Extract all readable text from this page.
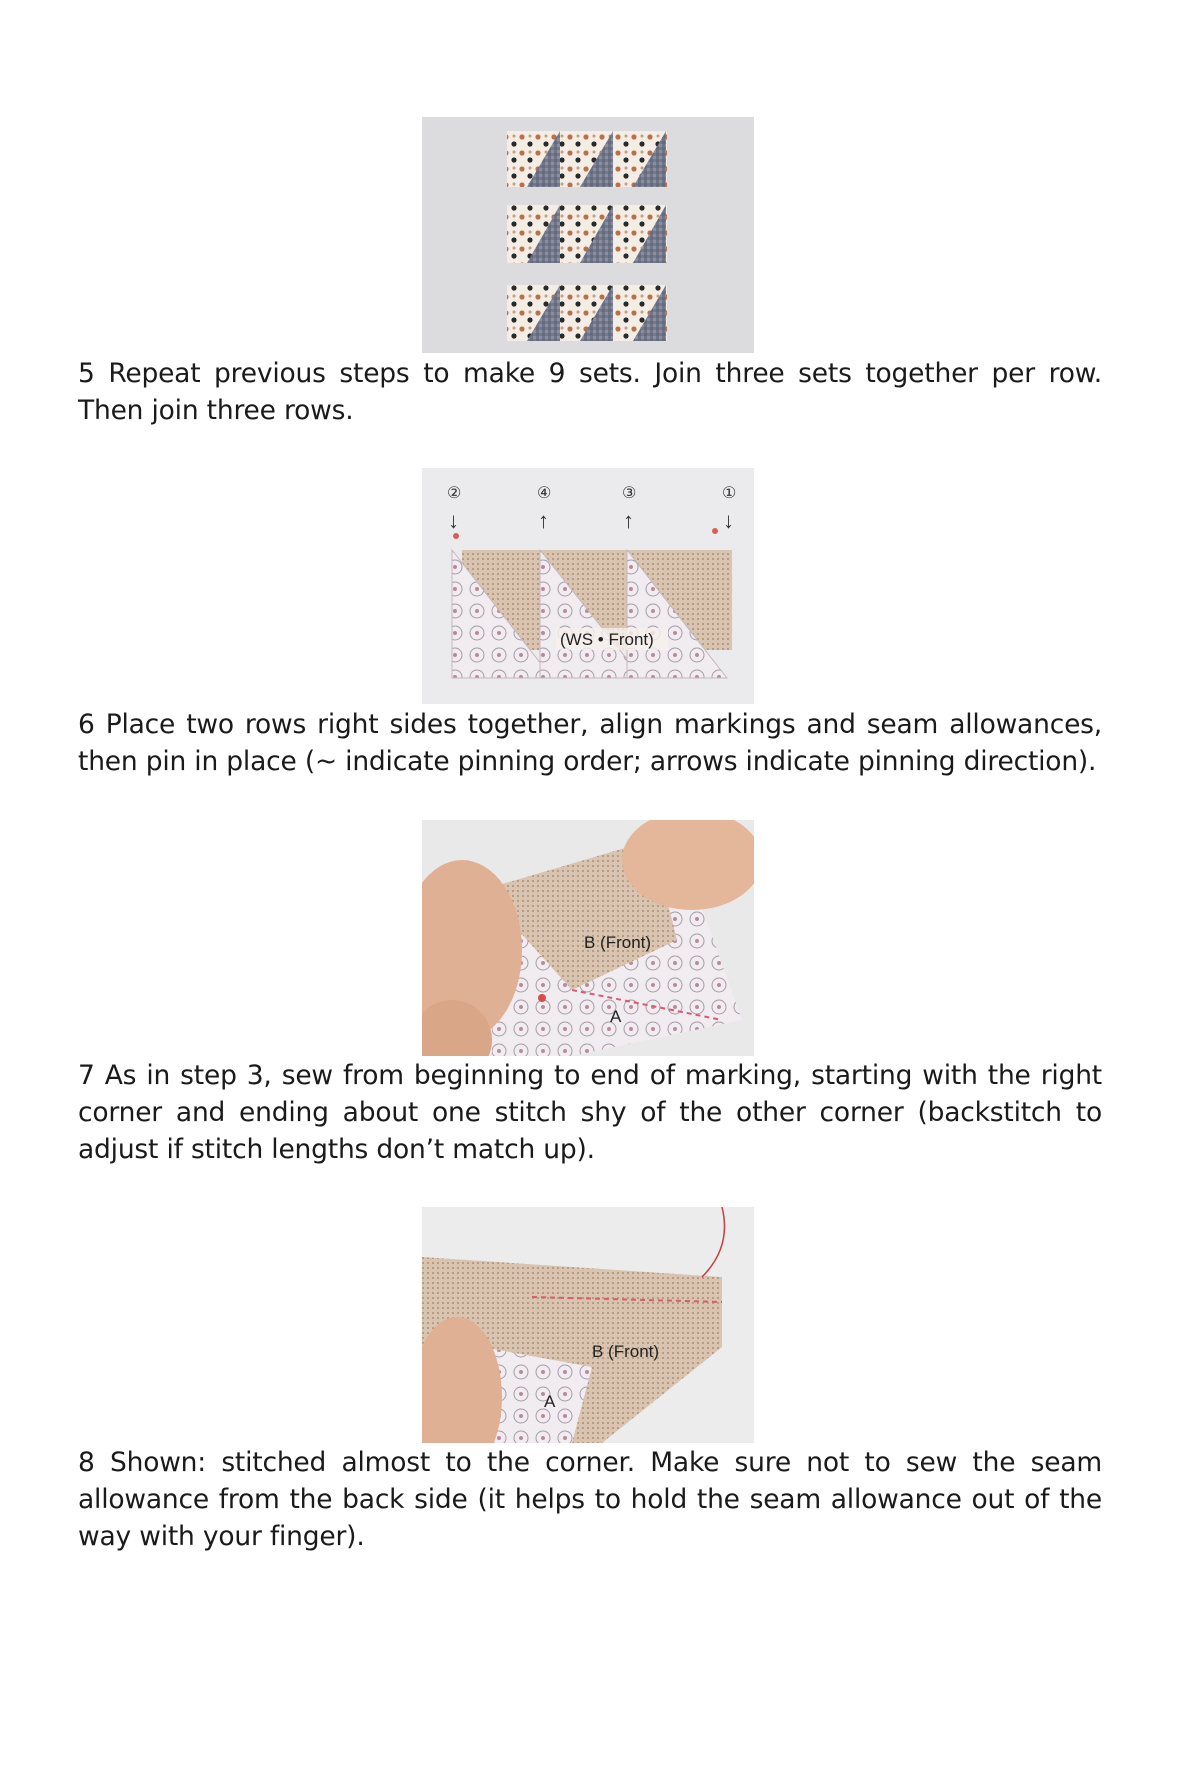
5 Repeat previous steps to make 9 sets. Join three sets together per row. Then join three rows.

②	④	③	①
↓	↑	↑	↓
(WS • Front)

6 Place two rows right sides together, align markings and seam allowances, then pin in place (~ indicate pinning order; arrows indicate pinning direction).

B (Front)
A

7 As in step 3, sew from beginning to end of marking, starting with the right corner and ending about one stitch shy of the other corner (backstitch to adjust if stitch lengths don’t match up).

B (Front)
A

8 Shown: stitched almost to the corner. Make sure not to sew the seam allowance from the back side (it helps to hold the seam allowance out of the way with your finger).
